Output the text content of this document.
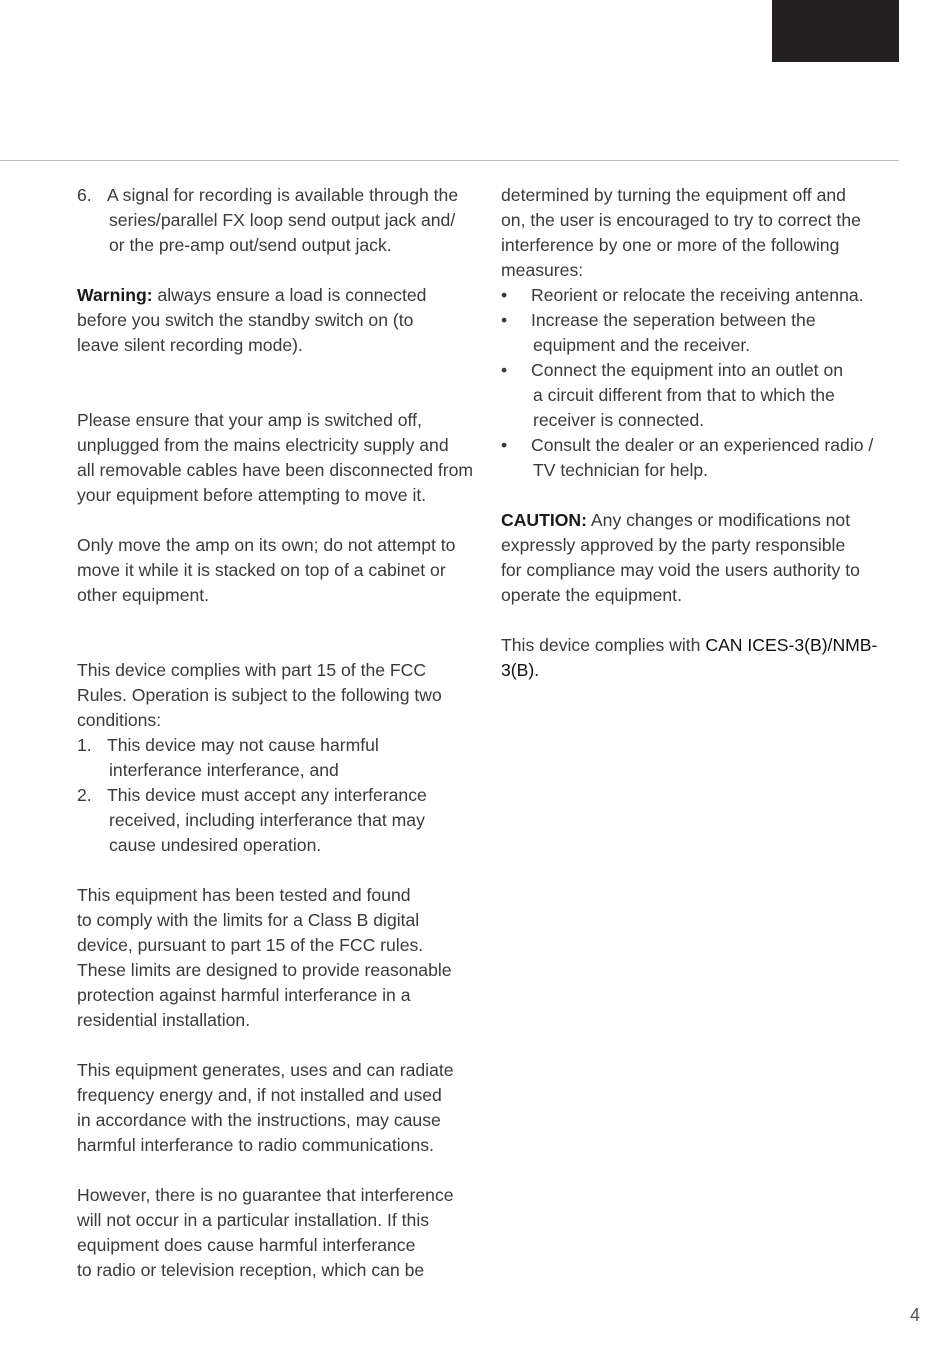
6. A signal for recording is available through the
series/parallel FX loop send output jack and/
or the pre-amp out/send output jack.
Warning: always ensure a load is connected
before you switch the standby switch on (to
leave silent recording mode).
Please ensure that your amp is switched off,
unplugged from the mains electricity supply and
all removable cables have been disconnected from
your equipment before attempting to move it.
Only move the amp on its own; do not attempt to
move it while it is stacked on top of a cabinet or
other equipment.
This device complies with part 15 of the FCC
Rules. Operation is subject to the following two
conditions:
1. This device may not cause harmful
interferance interferance, and
2. This device must accept any interferance
received, including interferance that may
cause undesired operation.
This equipment has been tested and found
to comply with the limits for a Class B digital
device, pursuant to part 15 of the FCC rules.
These limits are designed to provide reasonable
protection against harmful interferance in a
residential installation.
This equipment generates, uses and can radiate
frequency energy and, if not installed and used
in accordance with the instructions, may cause
harmful interferance to radio communications.
However, there is no guarantee that interference
will not occur in a particular installation. If this
equipment does cause harmful interferance
to radio or television reception, which can be
determined by turning the equipment off and
on, the user is encouraged to try to correct the
interference by one or more of the following
measures:
• Reorient or relocate the receiving antenna.
• Increase the seperation between the
equipment and the receiver.
• Connect the equipment into an outlet on
a circuit different from that to which the
receiver is connected.
• Consult the dealer or an experienced radio /
TV technician for help.
CAUTION: Any changes or modifications not
expressly approved by the party responsible
for compliance may void the users authority to
operate the equipment.
This device complies with CAN ICES-3(B)/NMB-
3(B).
4
